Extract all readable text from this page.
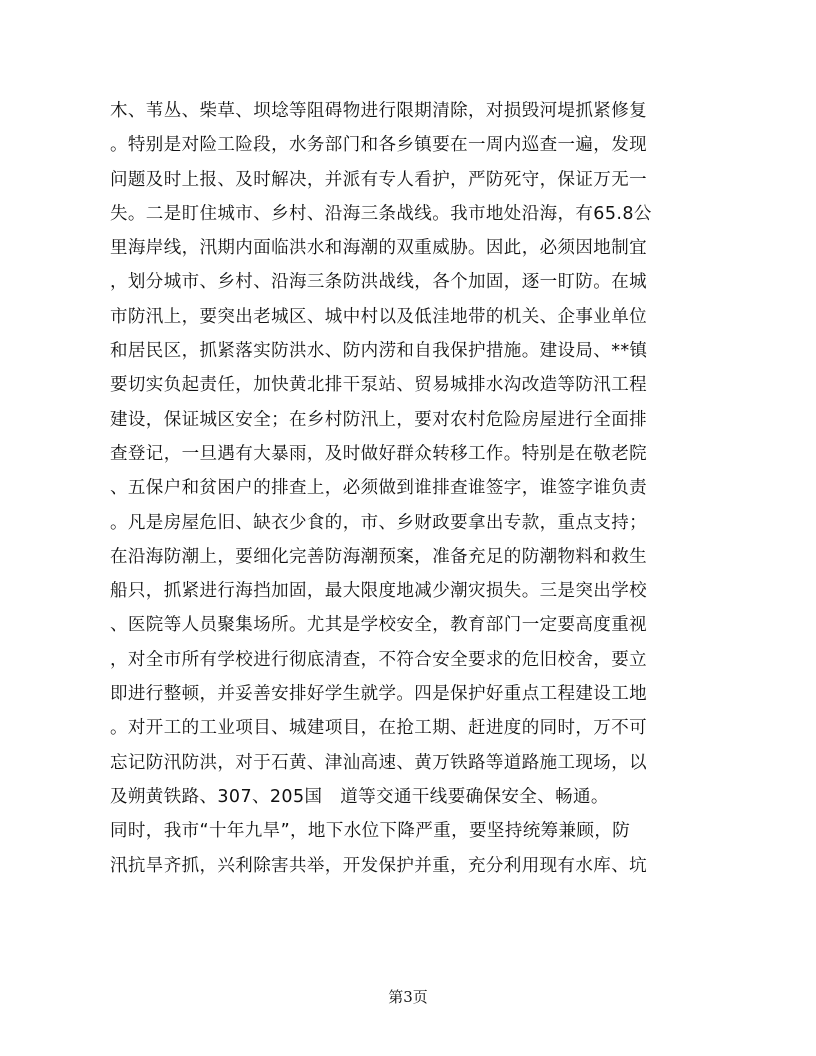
木、苇丛、柴草、坝埝等阻碍物进行限期清除，对损毁河堤抓紧修复
。特别是对险工险段，水务部门和各乡镇要在一周内巡查一遍，发现
问题及时上报、及时解决，并派有专人看护，严防死守，保证万无一
失。二是盯住城市、乡村、沿海三条战线。我市地处沿海，有65.8公
里海岸线，汛期内面临洪水和海潮的双重威胁。因此，必须因地制宜
，划分城市、乡村、沿海三条防洪战线，各个加固，逐一盯防。在城
市防汛上，要突出老城区、城中村以及低洼地带的机关、企事业单位
和居民区，抓紧落实防洪水、防内涝和自我保护措施。建设局、**镇
要切实负起责任，加快黄北排干泵站、贸易城排水沟改造等防汛工程
建设，保证城区安全；在乡村防汛上，要对农村危险房屋进行全面排
查登记，一旦遇有大暴雨，及时做好群众转移工作。特别是在敬老院
、五保户和贫困户的排查上，必须做到谁排查谁签字，谁签字谁负责
。凡是房屋危旧、缺衣少食的，市、乡财政要拿出专款，重点支持；
在沿海防潮上，要细化完善防海潮预案，准备充足的防潮物料和救生
船只，抓紧进行海挡加固，最大限度地减少潮灾损失。三是突出学校
、医院等人员聚集场所。尤其是学校安全，教育部门一定要高度重视
，对全市所有学校进行彻底清查，不符合安全要求的危旧校舍，要立
即进行整顿，并妥善安排好学生就学。四是保护好重点工程建设工地
。对开工的工业项目、城建项目，在抢工期、赶进度的同时，万不可
忘记防汛防洪，对于石黄、津汕高速、黄万铁路等道路施工现场，以
及朔黄铁路、307、205国　道等交通干线要确保安全、畅通。
同时，我市“十年九旱”，地下水位下降严重，要坚持统筹兼顾，防
汛抗旱齐抓，兴利除害共举，开发保护并重，充分利用现有水库、坑
第3页
